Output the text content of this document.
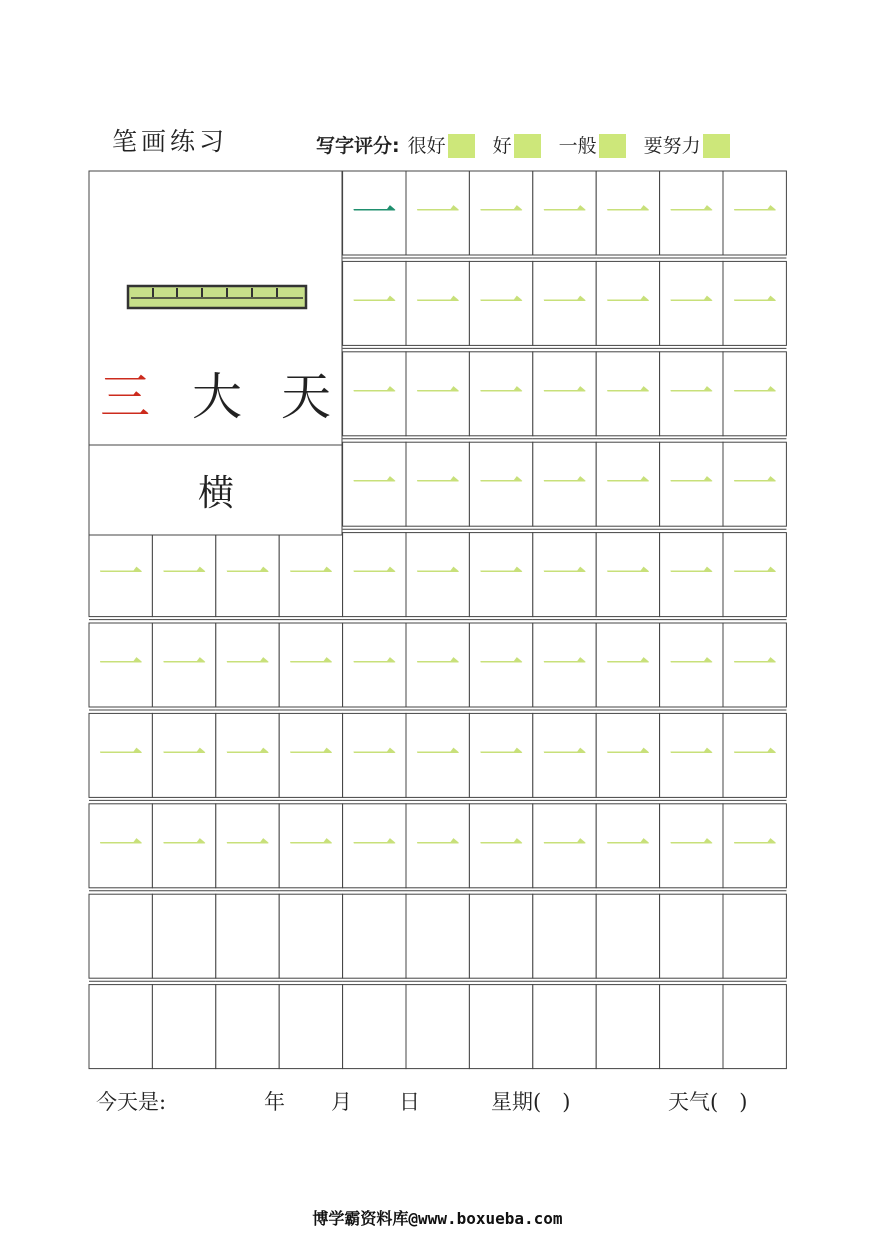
笔画练习	写字评分: 很好 好 一般 要努力
一 一 一 一 一 一 一
一 一 一 一 一 一 一
一 一 一 一 一 一 一
一 一 一 一 一 一 一
一 一 一 一 一 一 一 一 一 一 一
一 一 一 一 一 一 一 一 一 一 一
一 一 一 一 一 一 一 一 一 一 一
一 一 一 一 一 一 一 一 一 一 一
三 大 天
横
今天是:	年 月 日	星期(　)	天气(　)
博学霸资料库@www.boxueba.com
